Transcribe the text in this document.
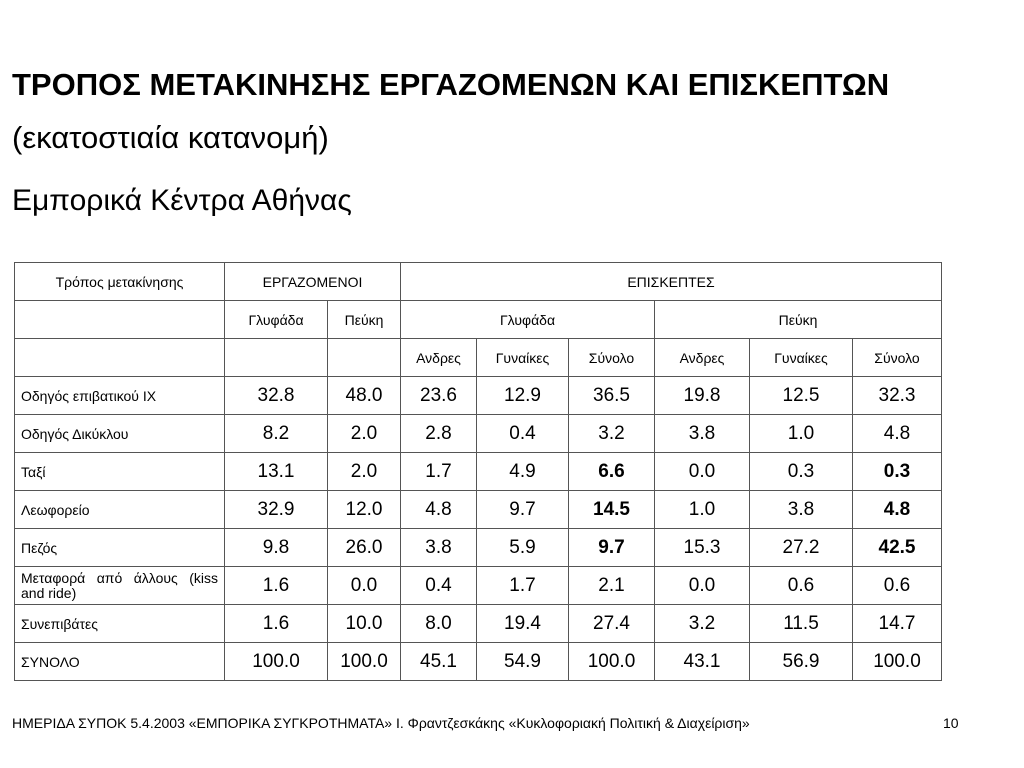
ΤΡΟΠΟΣ ΜΕΤΑΚΙΝΗΣΗΣ ΕΡΓΑΖΟΜΕΝΩΝ ΚΑΙ ΕΠΙΣΚΕΠΤΩΝ (εκατοστιαία κατανομή)
Εμπορικά Κέντρα Αθήνας
Τρόπος μετακίνησης	ΕΡΓΑΖΟΜΕΝΟΙ		ΕΠΙΣΚΕΠΤΕΣ					
	Γλυφάδα	Πεύκη	Γλυφάδα			Πεύκη		
			Ανδρες	Γυναίκες	Σύνολο	Ανδρες	Γυναίκες	Σύνολο
Οδηγός επιβατικού ΙΧ	32.8	48.0	23.6	12.9	36.5	19.8	12.5	32.3
Οδηγός Δικύκλου	8.2	2.0	2.8	0.4	3.2	3.8	1.0	4.8
Ταξί	13.1	2.0	1.7	4.9	6.6	0.0	0.3	0.3
Λεωφορείο	32.9	12.0	4.8	9.7	14.5	1.0	3.8	4.8
Πεζός	9.8	26.0	3.8	5.9	9.7	15.3	27.2	42.5
Μεταφορά από άλλους (kiss and ride)	1.6	0.0	0.4	1.7	2.1	0.0	0.6	0.6
Συνεπιβάτες	1.6	10.0	8.0	19.4	27.4	3.2	11.5	14.7
ΣΥΝΟΛΟ	100.0	100.0	45.1	54.9	100.0	43.1	56.9	100.0
ΗΜΕΡΙΔΑ ΣΥΠΟΚ 5.4.2003 «ΕΜΠΟΡΙΚΑ ΣΥΓΚΡΟΤΗΜΑΤΑ» Ι. Φραντζεσκάκης «Κυκλοφοριακή Πολιτική & Διαχείριση»	10
